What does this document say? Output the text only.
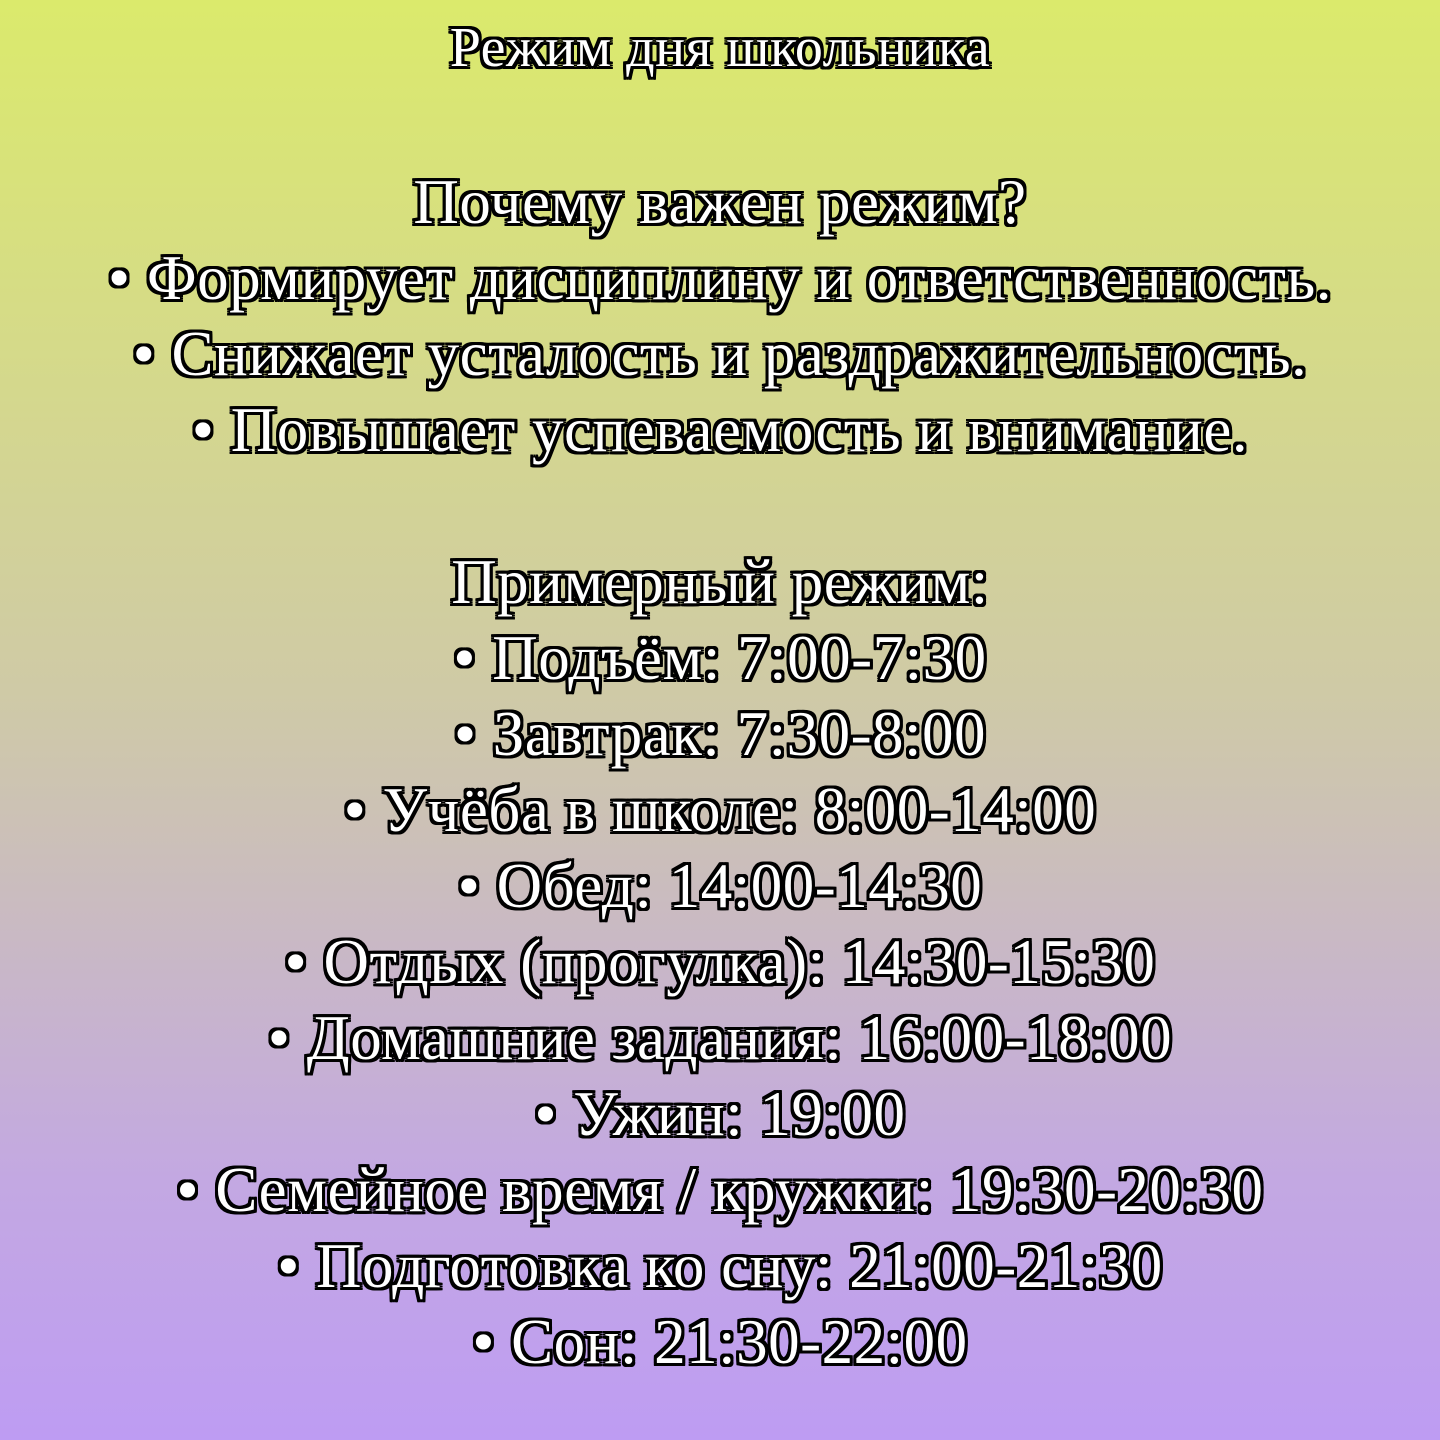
Режим дня школьника
Почему важен режим?
• Формирует дисциплину и ответственность.
• Снижает усталость и раздражительность.
• Повышает успеваемость и внимание.
Примерный режим:
• Подъём: 7:00-7:30
• Завтрак: 7:30-8:00
• Учёба в школе: 8:00-14:00
• Обед: 14:00-14:30
• Отдых (прогулка): 14:30-15:30
• Домашние задания: 16:00-18:00
• Ужин: 19:00
• Семейное время / кружки: 19:30-20:30
• Подготовка ко сну: 21:00-21:30
• Сон: 21:30-22:00
